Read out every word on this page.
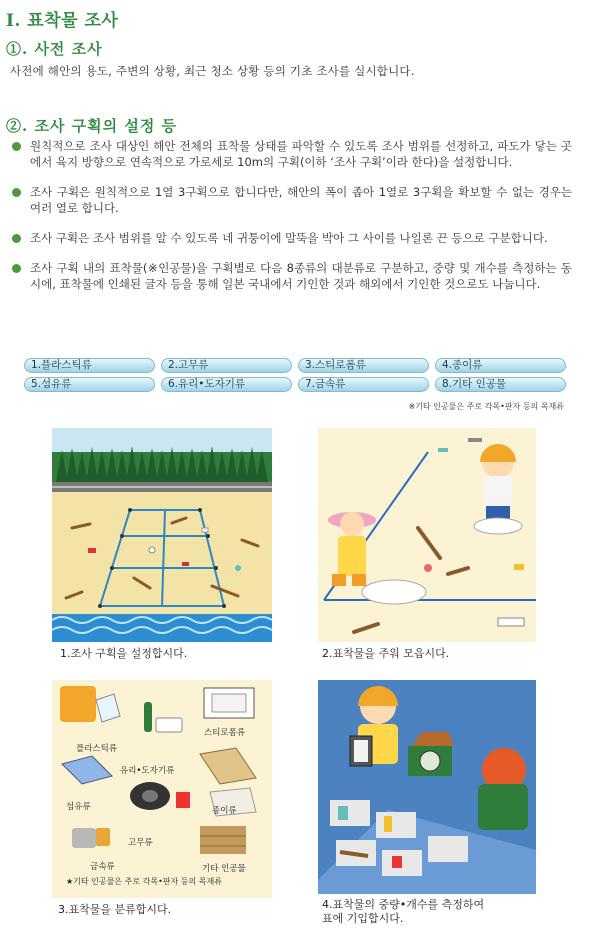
I. 표착물 조사
①. 사전 조사
사전에 해안의 용도, 주변의 상황, 최근 청소 상황 등의 기초 조사를 실시합니다.
②. 조사 구획의 설정 등
원칙적으로 조사 대상인 해안 전체의 표착물 상태를 파악할 수 있도록 조사 범위를 선정하고, 파도가 닿는 곳에서 육지 방향으로 연속적으로 가로세로 10m의 구획(이하 ‘조사 구획’이라 한다)을 설정합니다.
조사 구획은 원칙적으로 1열 3구획으로 합니다만, 해안의 폭이 좁아 1열로 3구획을 확보할 수 없는 경우는 여러 열로 합니다.
조사 구획은 조사 범위를 알 수 있도록 네 귀퉁이에 말뚝을 박아 그 사이를 나일론 끈 등으로 구분합니다.
조사 구획 내의 표착물(※인공물)을 구획별로 다음 8종류의 대분류로 구분하고, 중량 및 개수를 측정하는 동시에, 표착물에 인쇄된 글자 등을 통해 일본 국내에서 기인한 것과 해외에서 기인한 것으로도 나눕니다.
1.플라스틱류	2.고무류	3.스티로폼류	4.종이류
5.섬유류	6.유리•도자기류	7.금속류	8.기타 인공물
※기타 인공물은 주로 각목•판자 등의 목재류
1.조사 구획을 설정합시다.	2.표착물을 주워 모읍시다.
플라스틱류
스티로폼류
유리•도자기류
섬유류	종이류
고무류
금속류	기타 인공물
★기타 인공물은 주로 각목•판자 등의 목재류
3.표착물을 분류합시다.	4.표착물의 중량•개수를 측정하여
표에 기입합시다.
